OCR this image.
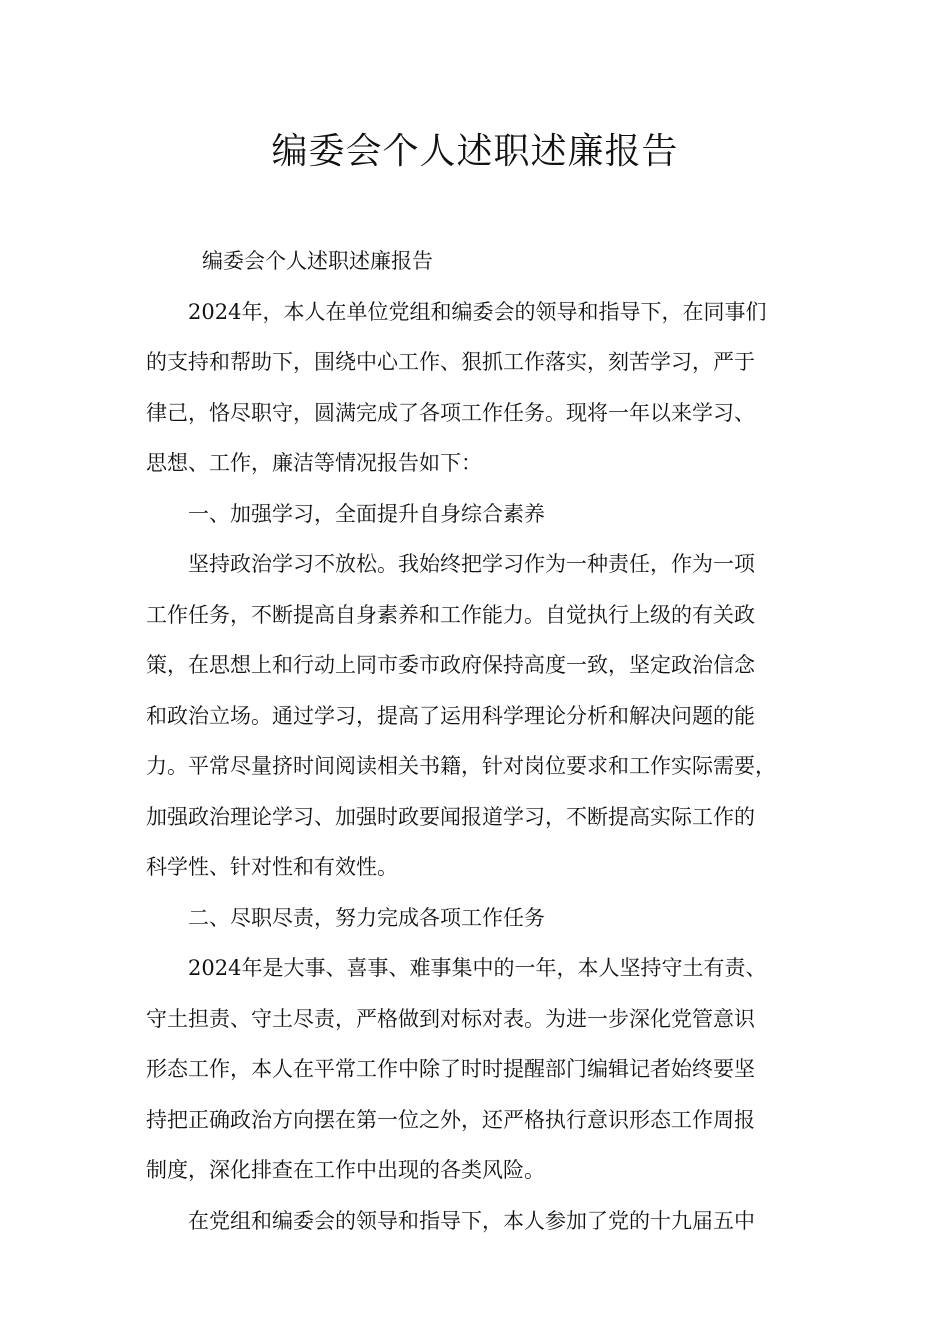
编委会个人述职述廉报告
编委会个人述职述廉报告
2024年，本人在单位党组和编委会的领导和指导下，在同事们
的支持和帮助下，围绕中心工作、狠抓工作落实，刻苦学习，严于
律己，恪尽职守，圆满完成了各项工作任务。现将一年以来学习、
思想、工作，廉洁等情况报告如下：
一、加强学习，全面提升自身综合素养
坚持政治学习不放松。我始终把学习作为一种责任，作为一项
工作任务，不断提高自身素养和工作能力。自觉执行上级的有关政
策，在思想上和行动上同市委市政府保持高度一致，坚定政治信念
和政治立场。通过学习，提高了运用科学理论分析和解决问题的能
力。平常尽量挤时间阅读相关书籍，针对岗位要求和工作实际需要，
加强政治理论学习、加强时政要闻报道学习，不断提高实际工作的
科学性、针对性和有效性。
二、尽职尽责，努力完成各项工作任务
2024年是大事、喜事、难事集中的一年，本人坚持守土有责、
守土担责、守土尽责，严格做到对标对表。为进一步深化党管意识
形态工作，本人在平常工作中除了时时提醒部门编辑记者始终要坚
持把正确政治方向摆在第一位之外，还严格执行意识形态工作周报
制度，深化排查在工作中出现的各类风险。
在党组和编委会的领导和指导下，本人参加了党的十九届五中
